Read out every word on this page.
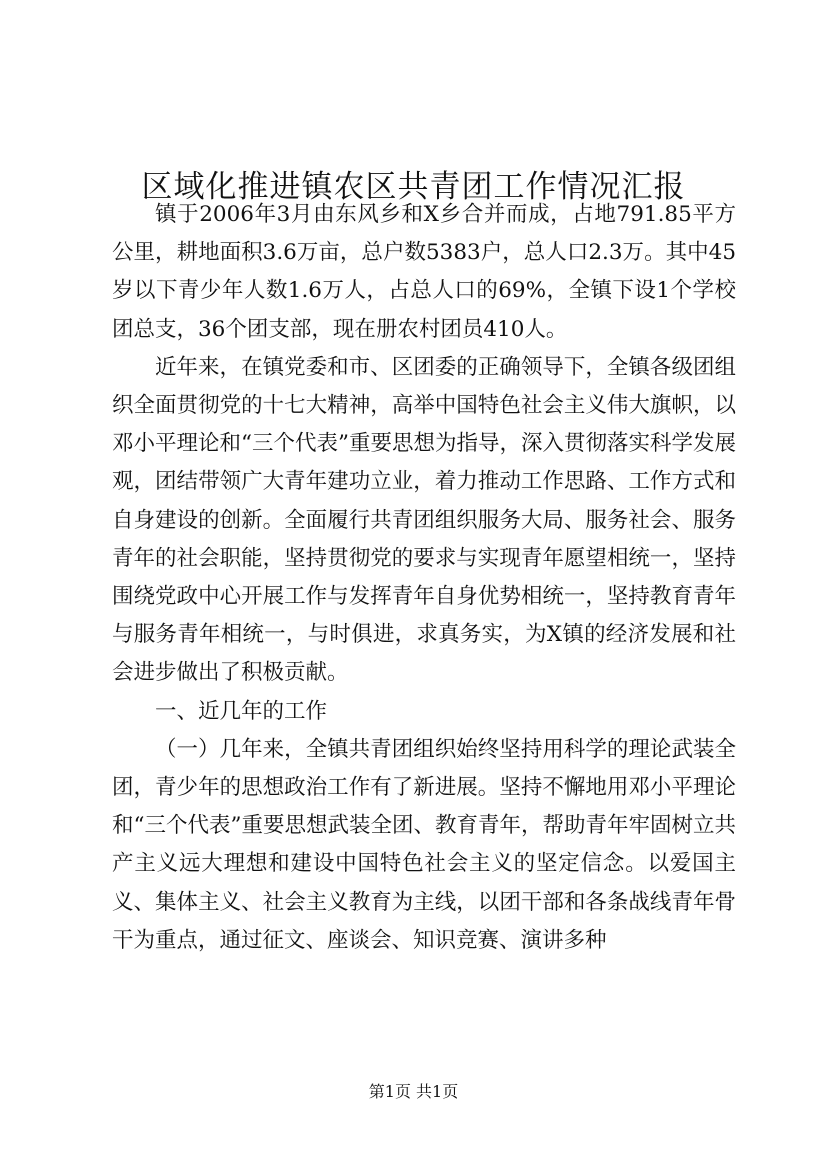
区域化推进镇农区共青团工作情况汇报

镇于2006年3月由东风乡和X乡合并而成，占地791.85平方公里，耕地面积3.6万亩，总户数5383户，总人口2.3万。其中45岁以下青少年人数1.6万人，占总人口的69%，全镇下设1个学校团总支，36个团支部，现在册农村团员410人。

近年来，在镇党委和市、区团委的正确领导下，全镇各级团组织全面贯彻党的十七大精神，高举中国特色社会主义伟大旗帜，以邓小平理论和“三个代表”重要思想为指导，深入贯彻落实科学发展观，团结带领广大青年建功立业，着力推动工作思路、工作方式和自身建设的创新。全面履行共青团组织服务大局、服务社会、服务青年的社会职能，坚持贯彻党的要求与实现青年愿望相统一，坚持围绕党政中心开展工作与发挥青年自身优势相统一，坚持教育青年与服务青年相统一，与时俱进，求真务实，为X镇的经济发展和社会进步做出了积极贡献。

一、近几年的工作

（一）几年来，全镇共青团组织始终坚持用科学的理论武装全团，青少年的思想政治工作有了新进展。坚持不懈地用邓小平理论和“三个代表”重要思想武装全团、教育青年，帮助青年牢固树立共产主义远大理想和建设中国特色社会主义的坚定信念。以爱国主义、集体主义、社会主义教育为主线，以团干部和各条战线青年骨干为重点，通过征文、座谈会、知识竞赛、演讲多种

第1页 共1页
